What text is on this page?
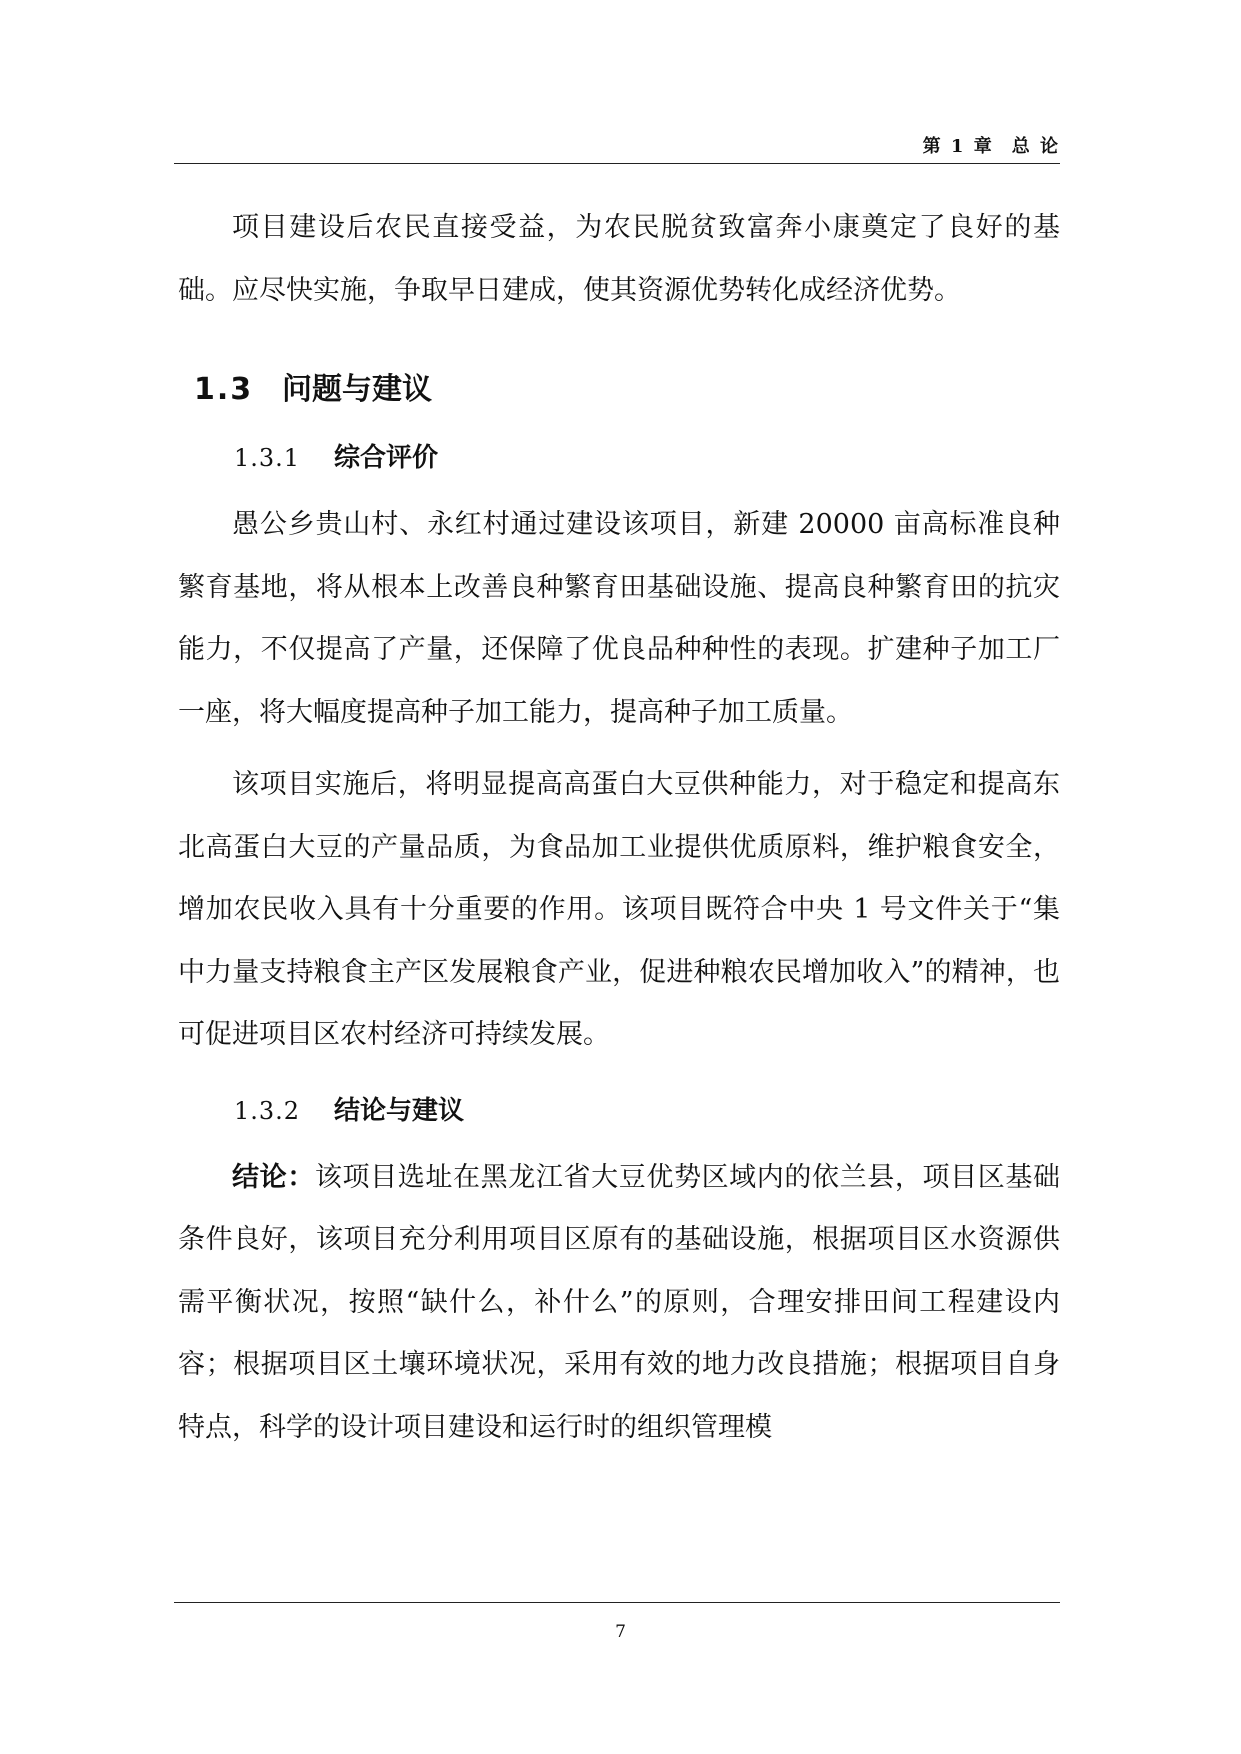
第 1 章 总 论

项目建设后农民直接受益，为农民脱贫致富奔小康奠定了良好的基础。应尽快实施，争取早日建成，使其资源优势转化成经济优势。

1.3 问题与建议
1.3.1 综合评价

愚公乡贵山村、永红村通过建设该项目，新建 20000 亩高标准良种繁育基地，将从根本上改善良种繁育田基础设施、提高良种繁育田的抗灾能力，不仅提高了产量，还保障了优良品种种性的表现。扩建种子加工厂一座，将大幅度提高种子加工能力，提高种子加工质量。

该项目实施后，将明显提高高蛋白大豆供种能力，对于稳定和提高东北高蛋白大豆的产量品质，为食品加工业提供优质原料，维护粮食安全，增加农民收入具有十分重要的作用。该项目既符合中央 1 号文件关于“集中力量支持粮食主产区发展粮食产业，促进种粮农民增加收入”的精神，也可促进项目区农村经济可持续发展。

1.3.2 结论与建议

结论：该项目选址在黑龙江省大豆优势区域内的依兰县，项目区基础条件良好，该项目充分利用项目区原有的基础设施，根据项目区水资源供需平衡状况，按照“缺什么，补什么”的原则，合理安排田间工程建设内容；根据项目区土壤环境状况，采用有效的地力改良措施；根据项目自身特点，科学的设计项目建设和运行时的组织管理模

7
